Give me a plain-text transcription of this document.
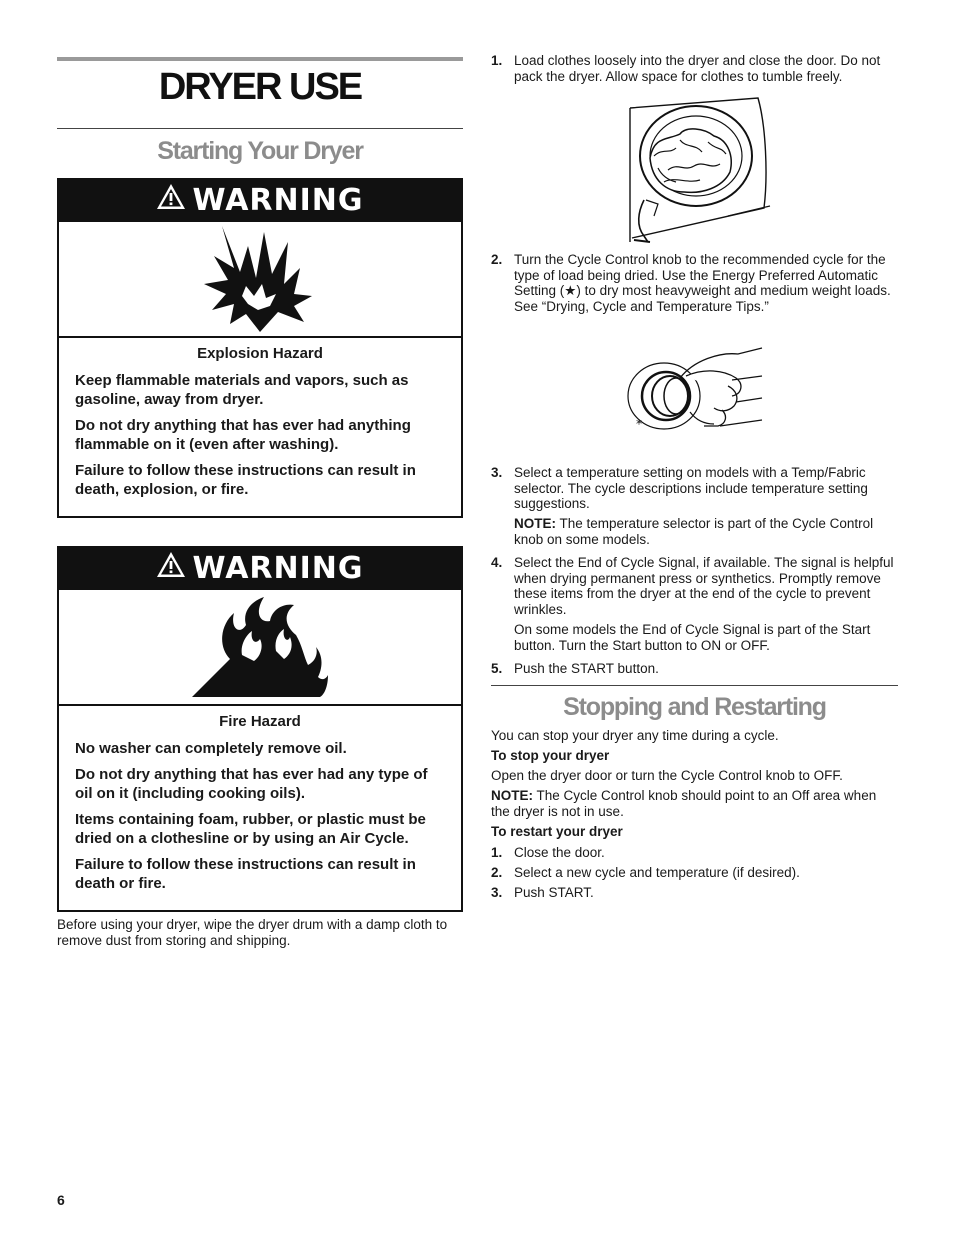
DRYER USE
Starting Your Dryer
WARNING

Explosion Hazard

Keep flammable materials and vapors, such as gasoline, away from dryer.

Do not dry anything that has ever had anything flammable on it (even after washing).

Failure to follow these instructions can result in death, explosion, or fire.

WARNING

Fire Hazard

No washer can completely remove oil.

Do not dry anything that has ever had any type of oil on it (including cooking oils).

Items containing foam, rubber, or plastic must be dried on a clothesline or by using an Air Cycle.

Failure to follow these instructions can result in death or fire.

Before using your dryer, wipe the dryer drum with a damp cloth to remove dust from storing and shipping.
6
1. Load clothes loosely into the dryer and close the door. Do not pack the dryer. Allow space for clothes to tumble freely.
2. Turn the Cycle Control knob to the recommended cycle for the type of load being dried. Use the Energy Preferred Automatic Setting (★) to dry most heavyweight and medium weight loads. See “Drying, Cycle and Temperature Tips.”
*
3. Select a temperature setting on models with a Temp/Fabric selector. The cycle descriptions include temperature setting suggestions.
NOTE: The temperature selector is part of the Cycle Control knob on some models.
4. Select the End of Cycle Signal, if available. The signal is helpful when drying permanent press or synthetics. Promptly remove these items from the dryer at the end of the cycle to prevent wrinkles.
On some models the End of Cycle Signal is part of the Start button. Turn the Start button to ON or OFF.
5. Push the START button.
Stopping and Restarting
You can stop your dryer any time during a cycle.
To stop your dryer
Open the dryer door or turn the Cycle Control knob to OFF.
NOTE: The Cycle Control knob should point to an Off area when the dryer is not in use.
To restart your dryer
1. Close the door.
2. Select a new cycle and temperature (if desired).
3. Push START.
